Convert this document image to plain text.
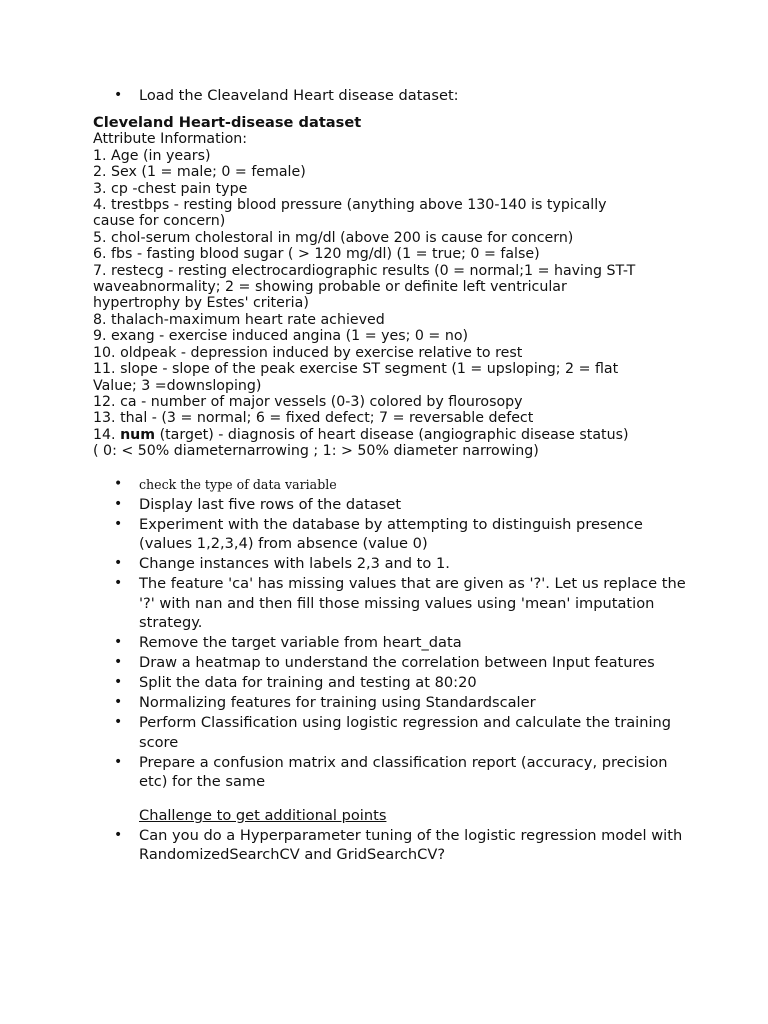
• Load the Cleaveland Heart disease dataset:
Cleveland Heart-disease dataset
Attribute Information:
1. Age (in years)
2. Sex (1 = male; 0 = female)
3. cp -chest pain type
4. trestbps - resting blood pressure (anything above 130-140 is typically
cause for concern)
5. chol-serum cholestoral in mg/dl (above 200 is cause for concern)
6. fbs - fasting blood sugar ( > 120 mg/dl) (1 = true; 0 = false)
7. restecg - resting electrocardiographic results (0 = normal;1 = having ST-T
waveabnormality; 2 = showing probable or definite left ventricular
hypertrophy by Estes' criteria)
8. thalach-maximum heart rate achieved
9. exang - exercise induced angina (1 = yes; 0 = no)
10. oldpeak - depression induced by exercise relative to rest
11. slope - slope of the peak exercise ST segment (1 = upsloping; 2 = flat
Value; 3 =downsloping)
12. ca - number of major vessels (0-3) colored by flourosopy
13. thal - (3 = normal; 6 = fixed defect; 7 = reversable defect
14. num (target) - diagnosis of heart disease (angiographic disease status)
( 0: < 50% diameternarrowing ; 1: > 50% diameter narrowing)
• check the type of data variable
• Display last five rows of the dataset
• Experiment with the database by attempting to distinguish presence (values 1,2,3,4) from absence (value 0)
• Change instances with labels 2,3 and to 1.
• The feature 'ca' has missing values that are given as '?'. Let us replace the '?' with nan and then fill those missing values using 'mean' imputation strategy.
• Remove the target variable from heart_data
• Draw a heatmap to understand the correlation between Input features
• Split the data for training and testing at 80:20
• Normalizing features for training using Standardscaler
• Perform Classification using logistic regression and calculate the training score
• Prepare a confusion matrix and classification report (accuracy, precision etc) for the same
Challenge to get additional points
• Can you do a Hyperparameter tuning of the logistic regression model with RandomizedSearchCV and GridSearchCV?
